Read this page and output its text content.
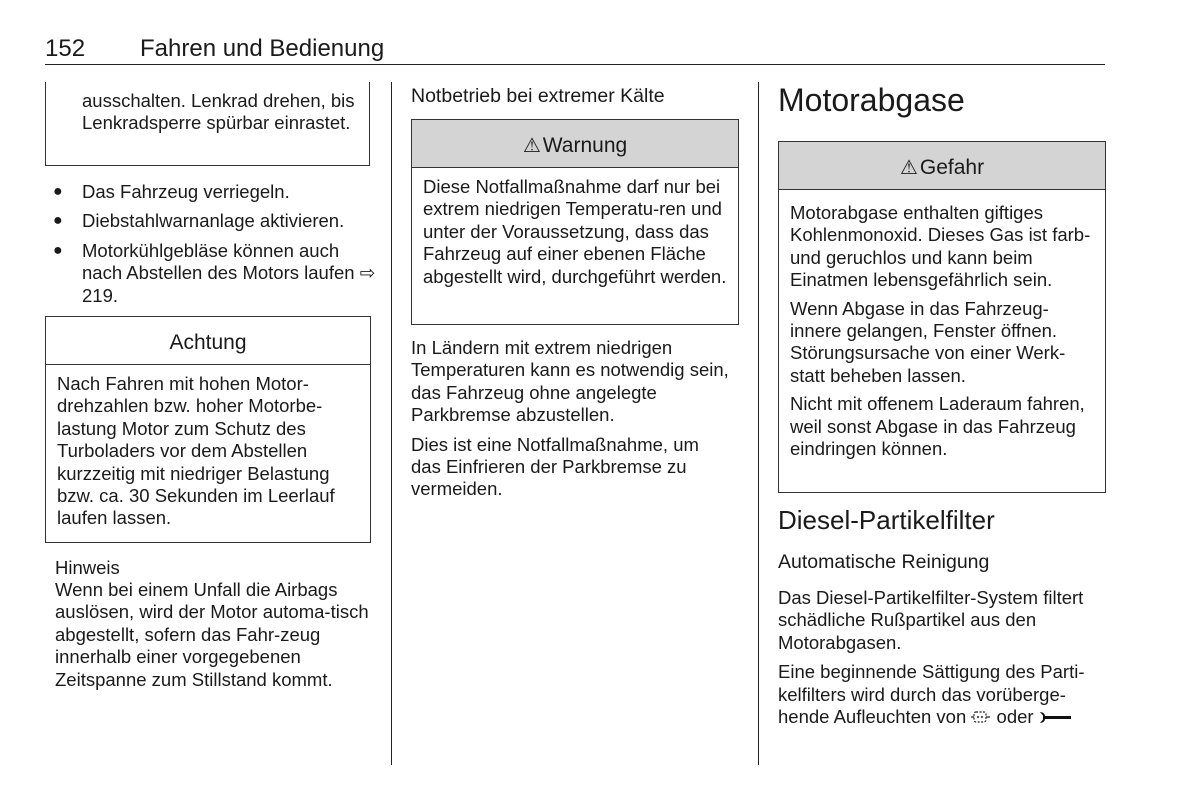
152 Fahren und Bedienung
ausschalten. Lenkrad drehen, bis Lenkradsperre spürbar einrastet.
● Das Fahrzeug verriegeln.
● Diebstahlwarnanlage aktivieren.
● Motorkühlgebläse können auch nach Abstellen des Motors laufen ⇨219.
Achtung
Nach Fahren mit hohen Motor-drehzahlen bzw. hoher Motorbe-lastung Motor zum Schutz des Turboladers vor dem Abstellen kurzzeitig mit niedriger Belastung bzw. ca. 30 Sekunden im Leerlauf laufen lassen.
Hinweis
Wenn bei einem Unfall die Airbags auslösen, wird der Motor automa-tisch abgestellt, sofern das Fahr-zeug innerhalb einer vorgegebenen Zeitspanne zum Stillstand kommt.
Notbetrieb bei extremer Kälte
⚠Warnung
Diese Notfallmaßnahme darf nur bei extrem niedrigen Temperatu-ren und unter der Voraussetzung, dass das Fahrzeug auf einer ebenen Fläche abgestellt wird, durchgeführt werden.

In Ländern mit extrem niedrigen Temperaturen kann es notwendig sein, das Fahrzeug ohne angelegte Parkbremse abzustellen.

Dies ist eine Notfallmaßnahme, um das Einfrieren der Parkbremse zu vermeiden.

Motorabgase
⚠Gefahr

Motorabgase enthalten giftiges Kohlenmonoxid. Dieses Gas ist farb- und geruchlos und kann beim Einatmen lebensgefährlich sein.

Wenn Abgase in das Fahrzeug-innere gelangen, Fenster öffnen. Störungsursache von einer Werk-statt beheben lassen.

Nicht mit offenem Laderaum fahren, weil sonst Abgase in das Fahrzeug eindringen können.

Diesel-Partikelfilter
Automatische Reinigung

Das Diesel-Partikelfilter-System filtert schädliche Rußpartikel aus den Motorabgasen.

Eine beginnende Sättigung des Parti-kelfilters wird durch das vorüberge-hende Aufleuchten von oder
